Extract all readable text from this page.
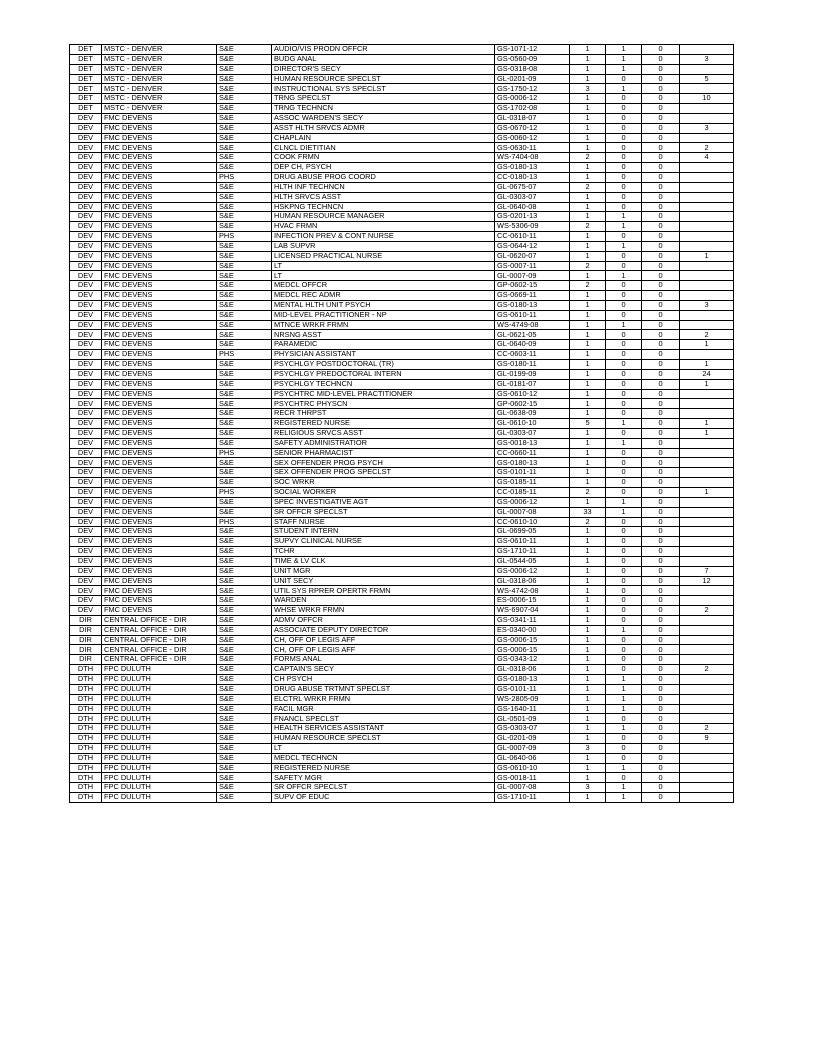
DET	MSTC - DENVER	S&E	AUDIO/VIS PRODN OFFCR	GS-1071-12	1	1	0	
DET	MSTC - DENVER	S&E	BUDG ANAL	GS-0560-09	1	1	0	3
DET	MSTC - DENVER	S&E	DIRECTOR'S SECY	GS-0318-08	1	1	0	
DET	MSTC - DENVER	S&E	HUMAN RESOURCE SPECLST	GL-0201-09	1	0	0	5
DET	MSTC - DENVER	S&E	INSTRUCTIONAL SYS SPECLST	GS-1750-12	3	1	0	
DET	MSTC - DENVER	S&E	TRNG SPECLST	GS-0006-12	1	0	0	10
DET	MSTC - DENVER	S&E	TRNG TECHNCN	GS-1702-08	1	0	0	
DEV	FMC DEVENS	S&E	ASSOC WARDEN'S SECY	GL-0318-07	1	0	0	
DEV	FMC DEVENS	S&E	ASST HLTH SRVCS ADMR	GS-0670-12	1	0	0	3
DEV	FMC DEVENS	S&E	CHAPLAIN	GS-0060-12	1	0	0	
DEV	FMC DEVENS	S&E	CLNCL DIETITIAN	GS-0630-11	1	0	0	2
DEV	FMC DEVENS	S&E	COOK FRMN	WS-7404-08	2	0	0	4
DEV	FMC DEVENS	S&E	DEP CH, PSYCH	GS-0180-13	1	0	0	
DEV	FMC DEVENS	PHS	DRUG ABUSE PROG COORD	CC-0180-13	1	0	0	
DEV	FMC DEVENS	S&E	HLTH INF TECHNCN	GL-0675-07	2	0	0	
DEV	FMC DEVENS	S&E	HLTH SRVCS ASST	GL-0303-07	1	0	0	
DEV	FMC DEVENS	S&E	HSKPNG TECHNCN	GL-0640-08	1	0	0	
DEV	FMC DEVENS	S&E	HUMAN RESOURCE MANAGER	GS-0201-13	1	1	0	
DEV	FMC DEVENS	S&E	HVAC FRMN	WS-5306-09	2	1	0	
DEV	FMC DEVENS	PHS	INFECTION PREV & CONT NURSE	CC-0610-11	1	0	0	
DEV	FMC DEVENS	S&E	LAB SUPVR	GS-0644-12	1	1	0	
DEV	FMC DEVENS	S&E	LICENSED PRACTICAL NURSE	GL-0620-07	1	0	0	1
DEV	FMC DEVENS	S&E	LT	GS-0007-11	2	0	0	
DEV	FMC DEVENS	S&E	LT	GL-0007-09	1	1	0	
DEV	FMC DEVENS	S&E	MEDCL OFFCR	GP-0602-15	2	0	0	
DEV	FMC DEVENS	S&E	MEDCL REC ADMR	GS-0669-11	1	0	0	
DEV	FMC DEVENS	S&E	MENTAL HLTH UNIT PSYCH	GS-0180-13	1	0	0	3
DEV	FMC DEVENS	S&E	MID-LEVEL PRACTITIONER - NP	GS-0610-11	1	0	0	
DEV	FMC DEVENS	S&E	MTNCE WRKR FRMN	WS-4749-08	1	1	0	
DEV	FMC DEVENS	S&E	NRSNG ASST	GL-0621-05	1	0	0	2
DEV	FMC DEVENS	S&E	PARAMEDIC	GL-0640-09	1	0	0	1
DEV	FMC DEVENS	PHS	PHYSICIAN ASSISTANT	CC-0603-11	1	0	0	
DEV	FMC DEVENS	S&E	PSYCHLGY POSTDOCTORAL (TR)	GS-0180-11	1	0	0	1
DEV	FMC DEVENS	S&E	PSYCHLGY PREDOCTORAL INTERN	GL-0199-09	1	0	0	24
DEV	FMC DEVENS	S&E	PSYCHLGY TECHNCN	GL-0181-07	1	0	0	1
DEV	FMC DEVENS	S&E	PSYCHTRC MID-LEVEL PRACTITIONER	GS-0610-12	1	0	0	
DEV	FMC DEVENS	S&E	PSYCHTRC PHYSCN	GP-0602-15	1	0	0	
DEV	FMC DEVENS	S&E	RECR THRPST	GL-0638-09	1	0	0	
DEV	FMC DEVENS	S&E	REGISTERED NURSE	GL-0610-10	5	1	0	1
DEV	FMC DEVENS	S&E	RELIGIOUS SRVCS ASST	GL-0303-07	1	0	0	1
DEV	FMC DEVENS	S&E	SAFETY ADMINISTRATIOR	GS-0018-13	1	1	0	
DEV	FMC DEVENS	PHS	SENIOR PHARMACIST	CC-0660-11	1	0	0	
DEV	FMC DEVENS	S&E	SEX OFFENDER PROG PSYCH	GS-0180-13	1	0	0	
DEV	FMC DEVENS	S&E	SEX OFFENDER PROG SPECLST	GS-0101-11	1	0	0	
DEV	FMC DEVENS	S&E	SOC WRKR	GS-0185-11	1	0	0	
DEV	FMC DEVENS	PHS	SOCIAL WORKER	CC-0185-11	2	0	0	1
DEV	FMC DEVENS	S&E	SPEC INVESTIGATIVE AGT	GS-0006-12	1	1	0	
DEV	FMC DEVENS	S&E	SR OFFCR SPECLST	GL-0007-08	33	1	0	
DEV	FMC DEVENS	PHS	STAFF NURSE	CC-0610-10	2	0	0	
DEV	FMC DEVENS	S&E	STUDENT INTERN	GL-0699-05	1	0	0	
DEV	FMC DEVENS	S&E	SUPVY CLINICAL NURSE	GS-0610-11	1	0	0	
DEV	FMC DEVENS	S&E	TCHR	GS-1710-11	1	0	0	
DEV	FMC DEVENS	S&E	TIME & LV CLK	GL-0544-05	1	0	0	
DEV	FMC DEVENS	S&E	UNIT MGR	GS-0006-12	1	0	0	7
DEV	FMC DEVENS	S&E	UNIT SECY	GL-0318-06	1	0	0	12
DEV	FMC DEVENS	S&E	UTIL SYS RPRER OPERTR FRMN	WS-4742-08	1	0	0	
DEV	FMC DEVENS	S&E	WARDEN	ES-0006-15	1	0	0	
DEV	FMC DEVENS	S&E	WHSE WRKR FRMN	WS-6907-04	1	0	0	2
DIR	CENTRAL OFFICE - DIR	S&E	ADMV OFFCR	GS-0341-11	1	0	0	
DIR	CENTRAL OFFICE - DIR	S&E	ASSOCIATE DEPUTY DIRECTOR	ES-0340-00	1	1	0	
DIR	CENTRAL OFFICE - DIR	S&E	CH, OFF OF LEGIS AFF	GS-0006-15	1	0	0	
DIR	CENTRAL OFFICE - DIR	S&E	CH, OFF OF LEGIS AFF	GS-0006-15	1	0	0	
DIR	CENTRAL OFFICE - DIR	S&E	FORMS ANAL	GS-0343-12	1	0	0	
DTH	FPC DULUTH	S&E	CAPTAIN'S SECY	GL-0318-06	1	0	0	2
DTH	FPC DULUTH	S&E	CH PSYCH	GS-0180-13	1	1	0	
DTH	FPC DULUTH	S&E	DRUG ABUSE TRTMNT SPECLST	GS-0101-11	1	1	0	
DTH	FPC DULUTH	S&E	ELCTRL WRKR FRMN	WS-2805-09	1	1	0	
DTH	FPC DULUTH	S&E	FACIL MGR	GS-1640-11	1	1	0	
DTH	FPC DULUTH	S&E	FNANCL SPECLST	GL-0501-09	1	0	0	
DTH	FPC DULUTH	S&E	HEALTH SERVICES ASSISTANT	GS-0303-07	1	1	0	2
DTH	FPC DULUTH	S&E	HUMAN RESOURCE SPECLST	GL-0201-09	1	0	0	9
DTH	FPC DULUTH	S&E	LT	GL-0007-09	3	0	0	
DTH	FPC DULUTH	S&E	MEDCL TECHNCN	GL-0640-06	1	0	0	
DTH	FPC DULUTH	S&E	REGISTERED NURSE	GS-0610-10	1	1	0	
DTH	FPC DULUTH	S&E	SAFETY MGR	GS-0018-11	1	0	0	
DTH	FPC DULUTH	S&E	SR OFFCR SPECLST	GL-0007-08	3	1	0	
DTH	FPC DULUTH	S&E	SUPV OF EDUC	GS-1710-11	1	1	0	
